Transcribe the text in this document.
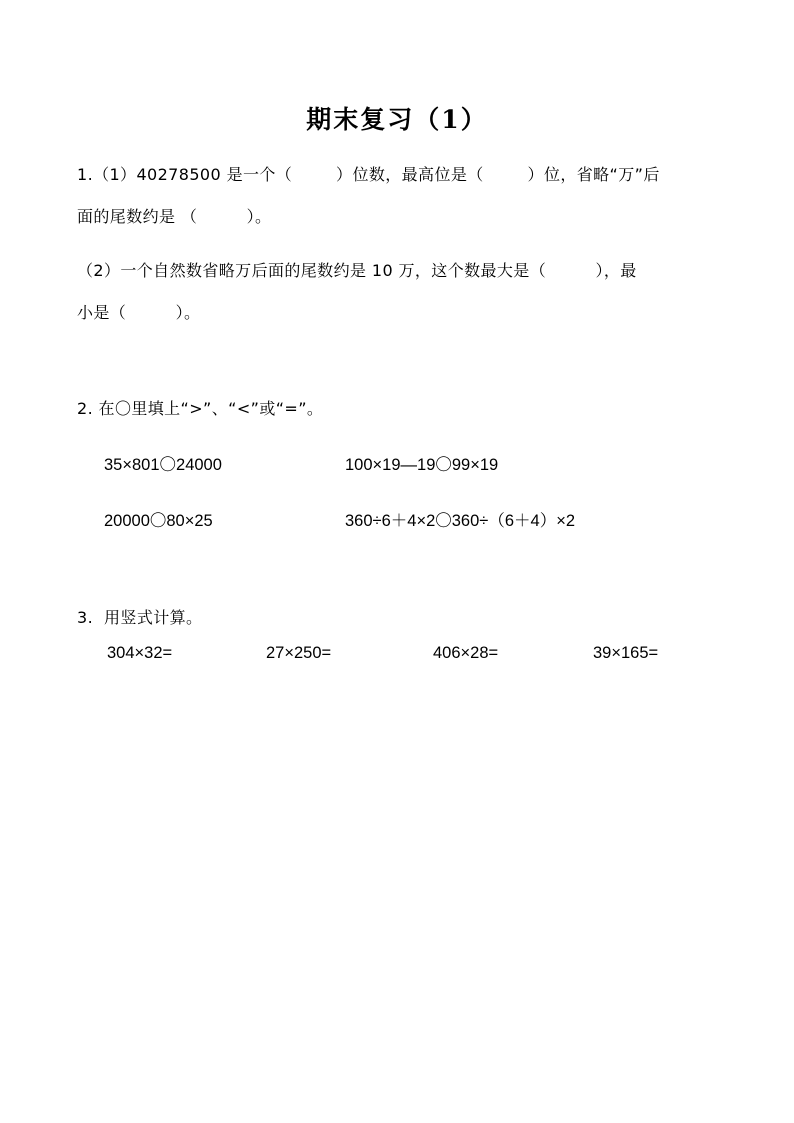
期末复习（1）
1.（1）40278500 是一个（        ）位数，最高位是（        ）位，省略“万”后
面的尾数约是 （         ）。
（2）一个自然数省略万后面的尾数约是 10 万，这个数最大是（         ），最
小是（         ）。
2. 在〇里填上“>”、“<”或“=”。
35×801〇24000	100×19—19〇99×19
20000〇80×25	360÷6＋4×2〇360÷（6＋4）×2
3.  用竖式计算。
304×32=	27×250=	406×28=	39×165=
